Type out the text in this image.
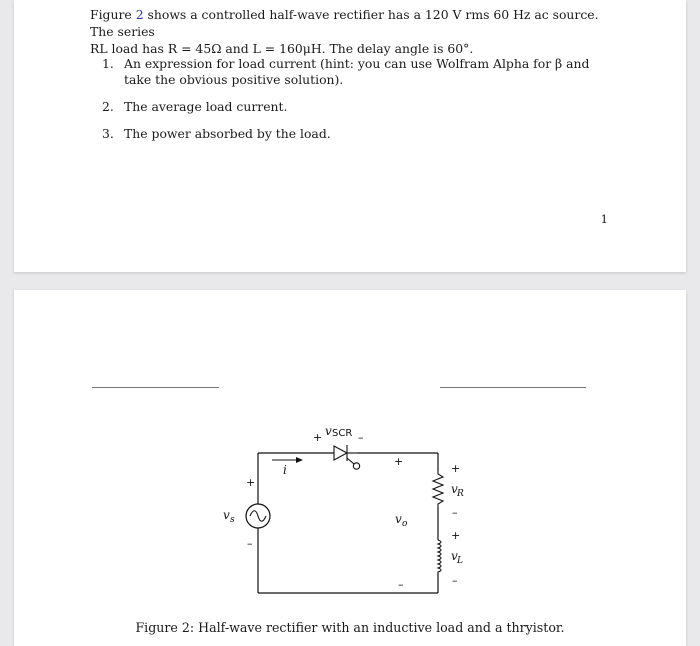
Figure 2 shows a controlled half-wave rectifier has a 120 V rms 60 Hz ac source. The series
RL load has R = 45Ω and L = 160μH. The delay angle is 60°.

1. An expression for load current (hint: you can use Wolfram Alpha for β and take the obvious positive solution).
2. The average load current.
3. The power absorbed by the load.
1
+ v SCR –
i
+
v s
–
+
v o
–
+
v R
–
+
v L
–
Figure 2: Half-wave rectifier with an inductive load and a thryistor.
